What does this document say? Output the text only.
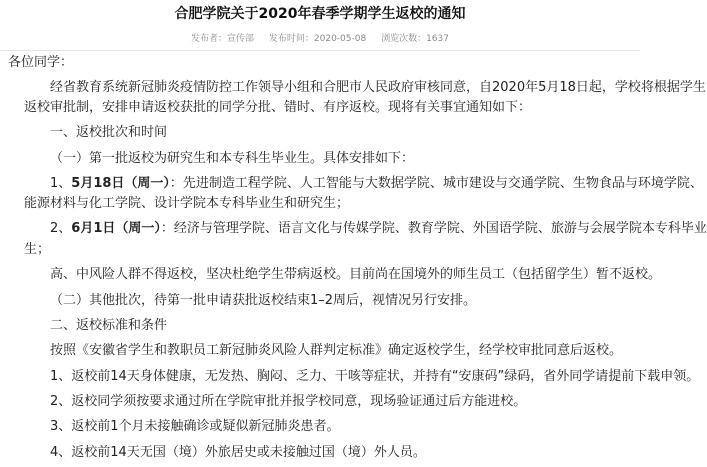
合肥学院关于2020年春季学期学生返校的通知
发布者：宣传部 发布时间：2020-05-08 浏览次数：1637
各位同学：
经省教育系统新冠肺炎疫情防控工作领导小组和合肥市人民政府审核同意，自2020年5月18日起，学校将根据学生
返校审批制，安排申请返校获批的同学分批、错时、有序返校。现将有关事宜通知如下：
一、返校批次和时间
（一）第一批返校为研究生和本专科生毕业生。具体安排如下：
1、5月18日（周一）：先进制造工程学院、人工智能与大数据学院、城市建设与交通学院、生物食品与环境学院、
能源材料与化工学院、设计学院本专科毕业生和研究生；
2、6月1日（周一）：经济与管理学院、语言文化与传媒学院、教育学院、外国语学院、旅游与会展学院本专科毕业
生；
高、中风险人群不得返校，坚决杜绝学生带病返校。目前尚在国境外的师生员工（包括留学生）暂不返校。
（二）其他批次，待第一批申请获批返校结束1–2周后，视情况另行安排。
二、返校标准和条件
按照《安徽省学生和教职员工新冠肺炎风险人群判定标准》确定返校学生，经学校审批同意后返校。
1、返校前14天身体健康，无发热、胸闷、乏力、干咳等症状，并持有“安康码”绿码，省外同学请提前下载申领。
2、返校同学须按要求通过所在学院审批并报学校同意，现场验证通过后方能进校。
3、返校前1个月未接触确诊或疑似新冠肺炎患者。
4、返校前14天无国（境）外旅居史或未接触过国（境）外人员。
